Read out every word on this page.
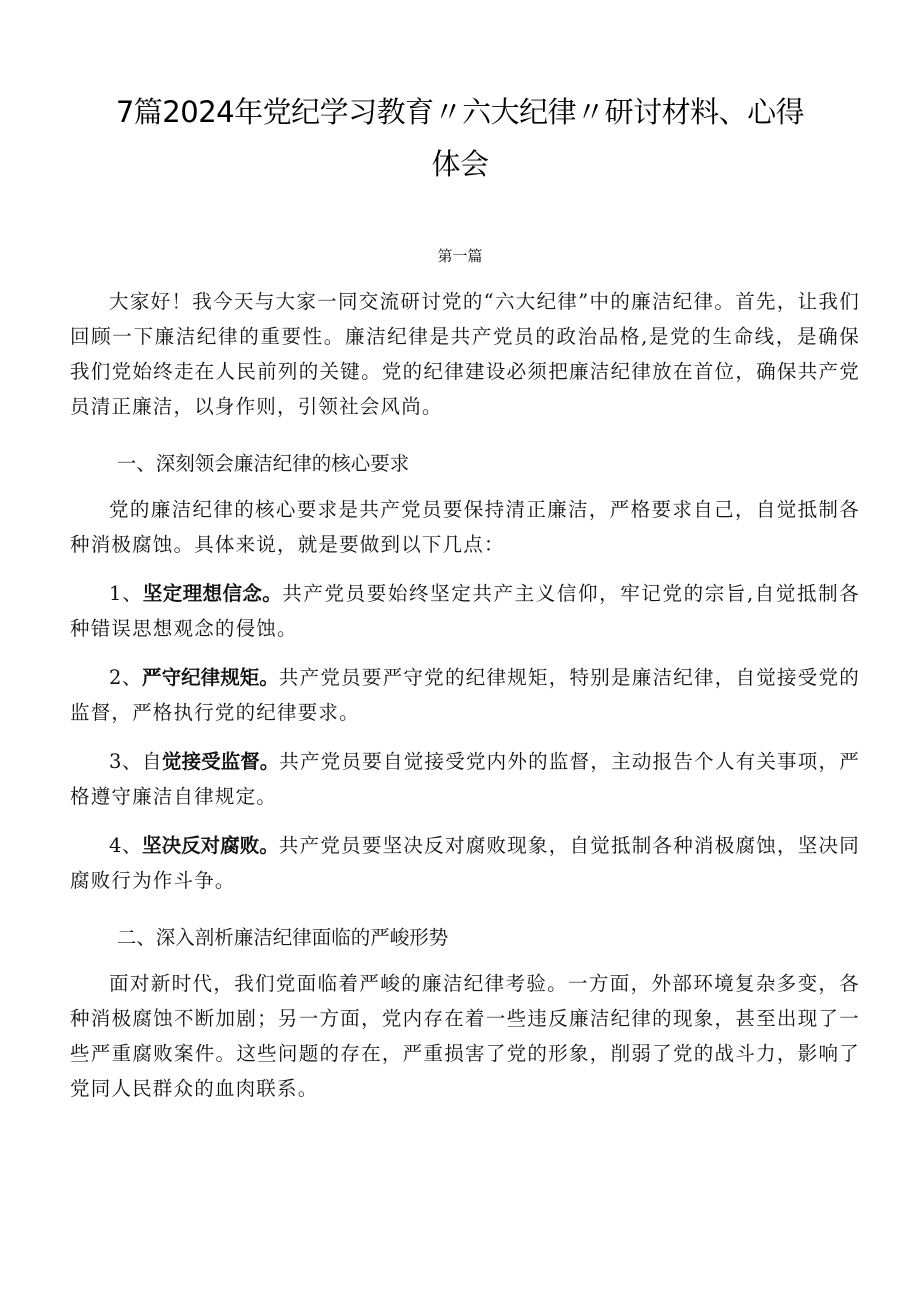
7篇2024年党纪学习教育〃六大纪律〃研讨材料、心得
体会
第一篇

大家好！我今天与大家一同交流研讨党的“六大纪律”中的廉洁纪律。首先，让我们回顾一下廉洁纪律的重要性。廉洁纪律是共产党员的政治品格,是党的生命线，是确保我们党始终走在人民前列的关键。党的纪律建设必须把廉洁纪律放在首位，确保共产党员清正廉洁，以身作则，引领社会风尚。

一、深刻领会廉洁纪律的核心要求

党的廉洁纪律的核心要求是共产党员要保持清正廉洁，严格要求自己，自觉抵制各种消极腐蚀。具体来说，就是要做到以下几点：

1、坚定理想信念。共产党员要始终坚定共产主义信仰，牢记党的宗旨,自觉抵制各种错误思想观念的侵蚀。

2、严守纪律规矩。共产党员要严守党的纪律规矩，特别是廉洁纪律，自觉接受党的监督，严格执行党的纪律要求。

3、自觉接受监督。共产党员要自觉接受党内外的监督，主动报告个人有关事项，严格遵守廉洁自律规定。

4、坚决反对腐败。共产党员要坚决反对腐败现象，自觉抵制各种消极腐蚀，坚决同腐败行为作斗争。

二、深入剖析廉洁纪律面临的严峻形势

面对新时代，我们党面临着严峻的廉洁纪律考验。一方面，外部环境复杂多变，各种消极腐蚀不断加剧；另一方面，党内存在着一些违反廉洁纪律的现象，甚至出现了一些严重腐败案件。这些问题的存在，严重损害了党的形象，削弱了党的战斗力，影响了党同人民群众的血肉联系。
